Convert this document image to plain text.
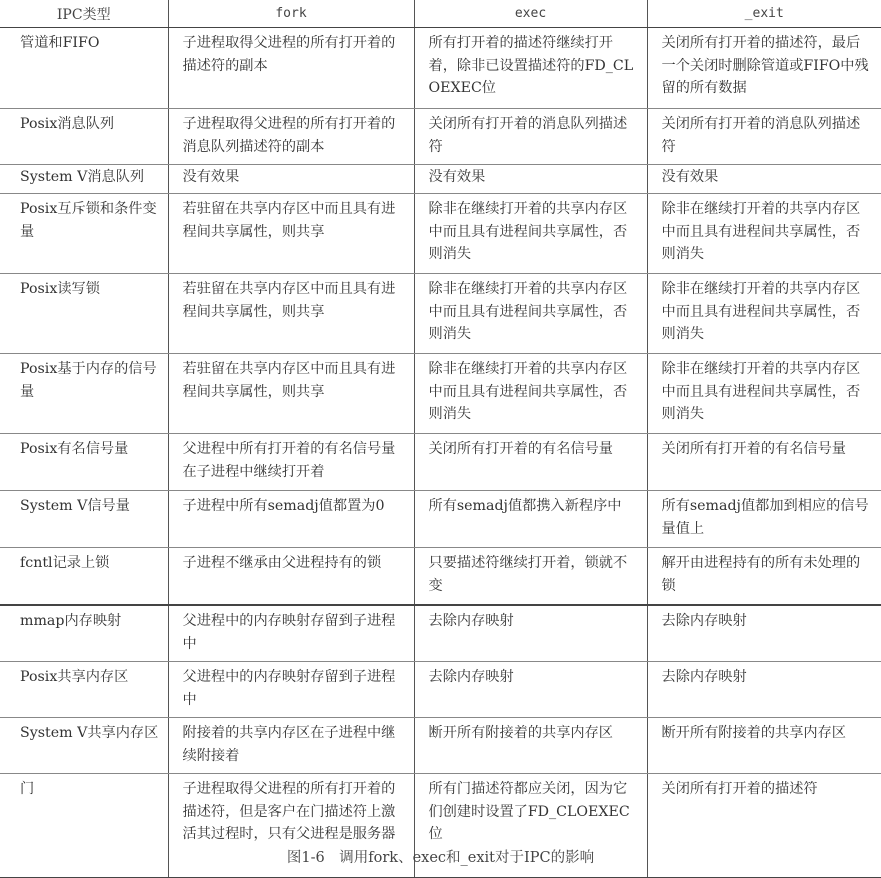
IPC类型	fork	exec	_exit
管道和FIFO	子进程取得父进程的所有打开着的描述符的副本	所有打开着的描述符继续打开着，除非已设置描述符的FD_CLOEXEC位	关闭所有打开着的描述符，最后一个关闭时删除管道或FIFO中残留的所有数据
Posix消息队列	子进程取得父进程的所有打开着的消息队列描述符的副本	关闭所有打开着的消息队列描述符	关闭所有打开着的消息队列描述符
System V消息队列	没有效果	没有效果	没有效果
Posix互斥锁和条件变量	若驻留在共享内存区中而且具有进程间共享属性，则共享	除非在继续打开着的共享内存区中而且具有进程间共享属性，否则消失	除非在继续打开着的共享内存区中而且具有进程间共享属性，否则消失
Posix读写锁	若驻留在共享内存区中而且具有进程间共享属性，则共享	除非在继续打开着的共享内存区中而且具有进程间共享属性，否则消失	除非在继续打开着的共享内存区中而且具有进程间共享属性，否则消失
Posix基于内存的信号量	若驻留在共享内存区中而且具有进程间共享属性，则共享	除非在继续打开着的共享内存区中而且具有进程间共享属性，否则消失	除非在继续打开着的共享内存区中而且具有进程间共享属性，否则消失
Posix有名信号量	父进程中所有打开着的有名信号量在子进程中继续打开着	关闭所有打开着的有名信号量	关闭所有打开着的有名信号量
System V信号量	子进程中所有semadj值都置为0	所有semadj值都携入新程序中	所有semadj值都加到相应的信号量值上
fcntl记录上锁	子进程不继承由父进程持有的锁	只要描述符继续打开着，锁就不变	解开由进程持有的所有未处理的锁
mmap内存映射	父进程中的内存映射存留到子进程中	去除内存映射	去除内存映射
Posix共享内存区	父进程中的内存映射存留到子进程中	去除内存映射	去除内存映射
System V共享内存区	附接着的共享内存区在子进程中继续附接着	断开所有附接着的共享内存区	断开所有附接着的共享内存区
门	子进程取得父进程的所有打开着的描述符，但是客户在门描述符上激活其过程时，只有父进程是服务器	所有门描述符都应关闭，因为它们创建时设置了FD_CLOEXEC位	关闭所有打开着的描述符
图1-6　调用fork、exec和_exit对于IPC的影响
